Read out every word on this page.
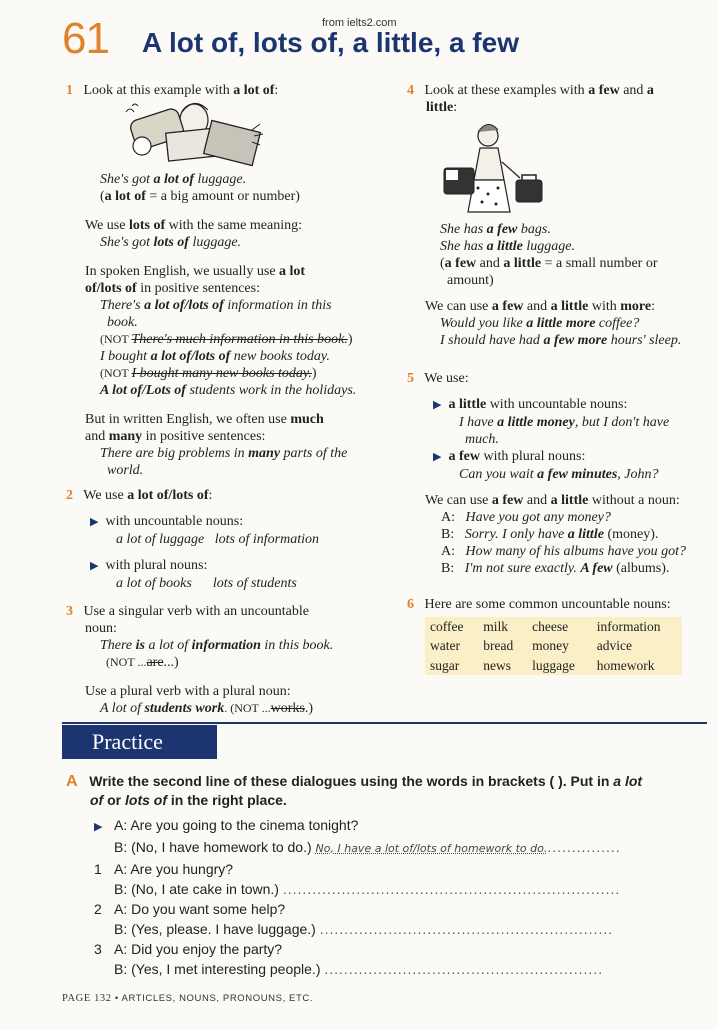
from ielts2.com
61 A lot of, lots of, a little, a few
1 Look at this example with a lot of:
She's got a lot of luggage.
(a lot of = a big amount or number)
We use lots of with the same meaning:
She's got lots of luggage.
In spoken English, we usually use a lot
of/lots of in positive sentences:
There's a lot of/lots of information in this
book.
(NOT There's much information in this book.)
I bought a lot of/lots of new books today.
(NOT I bought many new books today.)
A lot of/Lots of students work in the holidays.
But in written English, we often use much
and many in positive sentences:
There are big problems in many parts of the
world.
2 We use a lot of/lots of:
▶ with uncountable nouns:
a lot of luggage lots of information
▶ with plural nouns:
a lot of books lots of students
3 Use a singular verb with an uncountable
noun:
There is a lot of information in this book.
(NOT ...are...)
Use a plural verb with a plural noun:
A lot of students work. (NOT ...works.)
4 Look at these examples with a few and a
little:
She has a few bags.
She has a little luggage.
(a few and a little = a small number or
amount)
We can use a few and a little with more:
Would you like a little more coffee?
I should have had a few more hours' sleep.
5 We use:
▶ a little with uncountable nouns:
I have a little money, but I don't have
much.
▶ a few with plural nouns:
Can you wait a few minutes, John?
We can use a few and a little without a noun:
A: Have you got any money?
B: Sorry. I only have a little (money).
A: How many of his albums have you got?
B: I'm not sure exactly. A few (albums).
6 Here are some common uncountable nouns:
coffee	milk	cheese	information
water	bread	money	advice
sugar	news	luggage	homework
Practice
A Write the second line of these dialogues using the words in brackets ( ). Put in a lot
of or lots of in the right place.
▶ A: Are you going to the cinema tonight?
B: (No, I have homework to do.) No, I have a lot of/lots of homework to do................
1 A: Are you hungry?
B: (No, I ate cake in town.) .....................................................................
2 A: Do you want some help?
B: (Yes, please. I have luggage.) ............................................................
3 A: Did you enjoy the party?
B: (Yes, I met interesting people.) .........................................................
PAGE 132 • ARTICLES, NOUNS, PRONOUNS, ETC.
